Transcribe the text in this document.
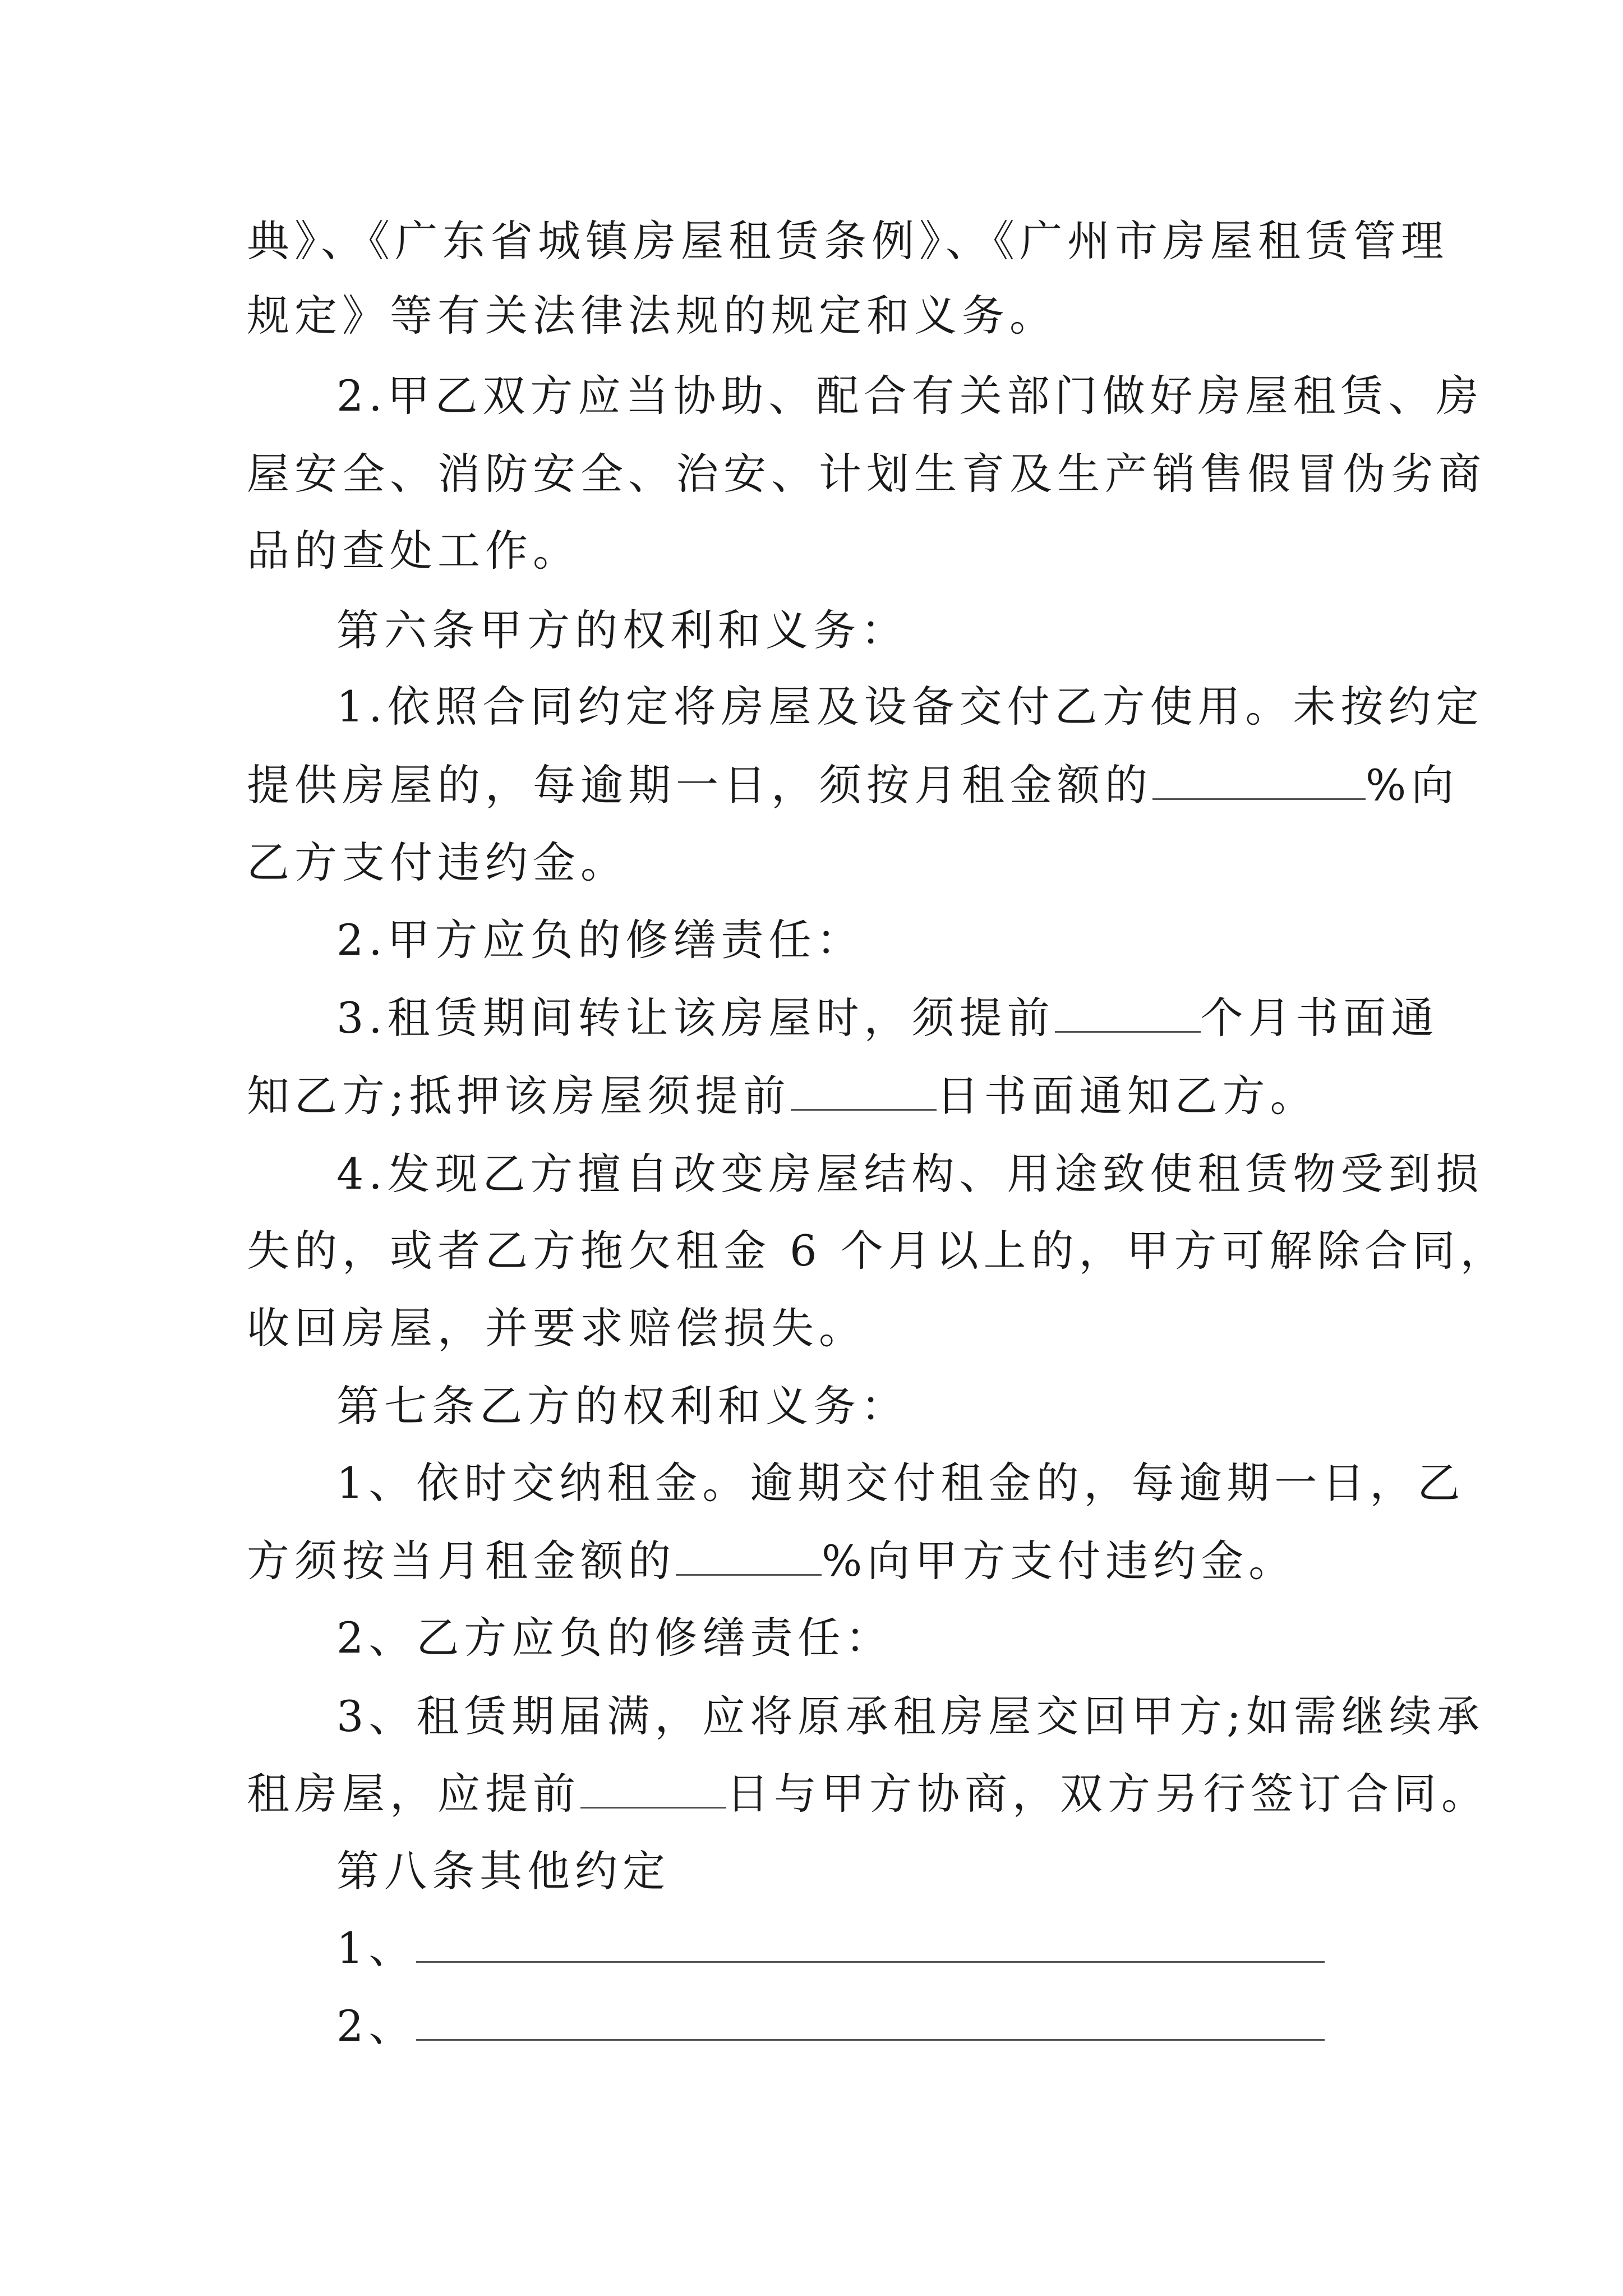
典》、《广东省城镇房屋租赁条例》、《广州市房屋租赁管理
规定》等有关法律法规的规定和义务。
2.甲乙双方应当协助、配合有关部门做好房屋租赁、房
屋安全、消防安全、治安、计划生育及生产销售假冒伪劣商
品的查处工作。
第六条甲方的权利和义务：
1.依照合同约定将房屋及设备交付乙方使用。未按约定
提供房屋的，每逾期一日，须按月租金额的	%向
乙方支付违约金。
2.甲方应负的修缮责任：
3.租赁期间转让该房屋时，须提前	个月书面通
知乙方;抵押该房屋须提前	日书面通知乙方。
4.发现乙方擅自改变房屋结构、用途致使租赁物受到损
失的，或者乙方拖欠租金 6 个月以上的，甲方可解除合同，
收回房屋，并要求赔偿损失。
第七条乙方的权利和义务：
1、依时交纳租金。逾期交付租金的，每逾期一日，乙
方须按当月租金额的	%向甲方支付违约金。
2、乙方应负的修缮责任：
3、租赁期届满，应将原承租房屋交回甲方;如需继续承
租房屋，应提前	日与甲方协商，双方另行签订合同。
第八条其他约定
1、
2、
